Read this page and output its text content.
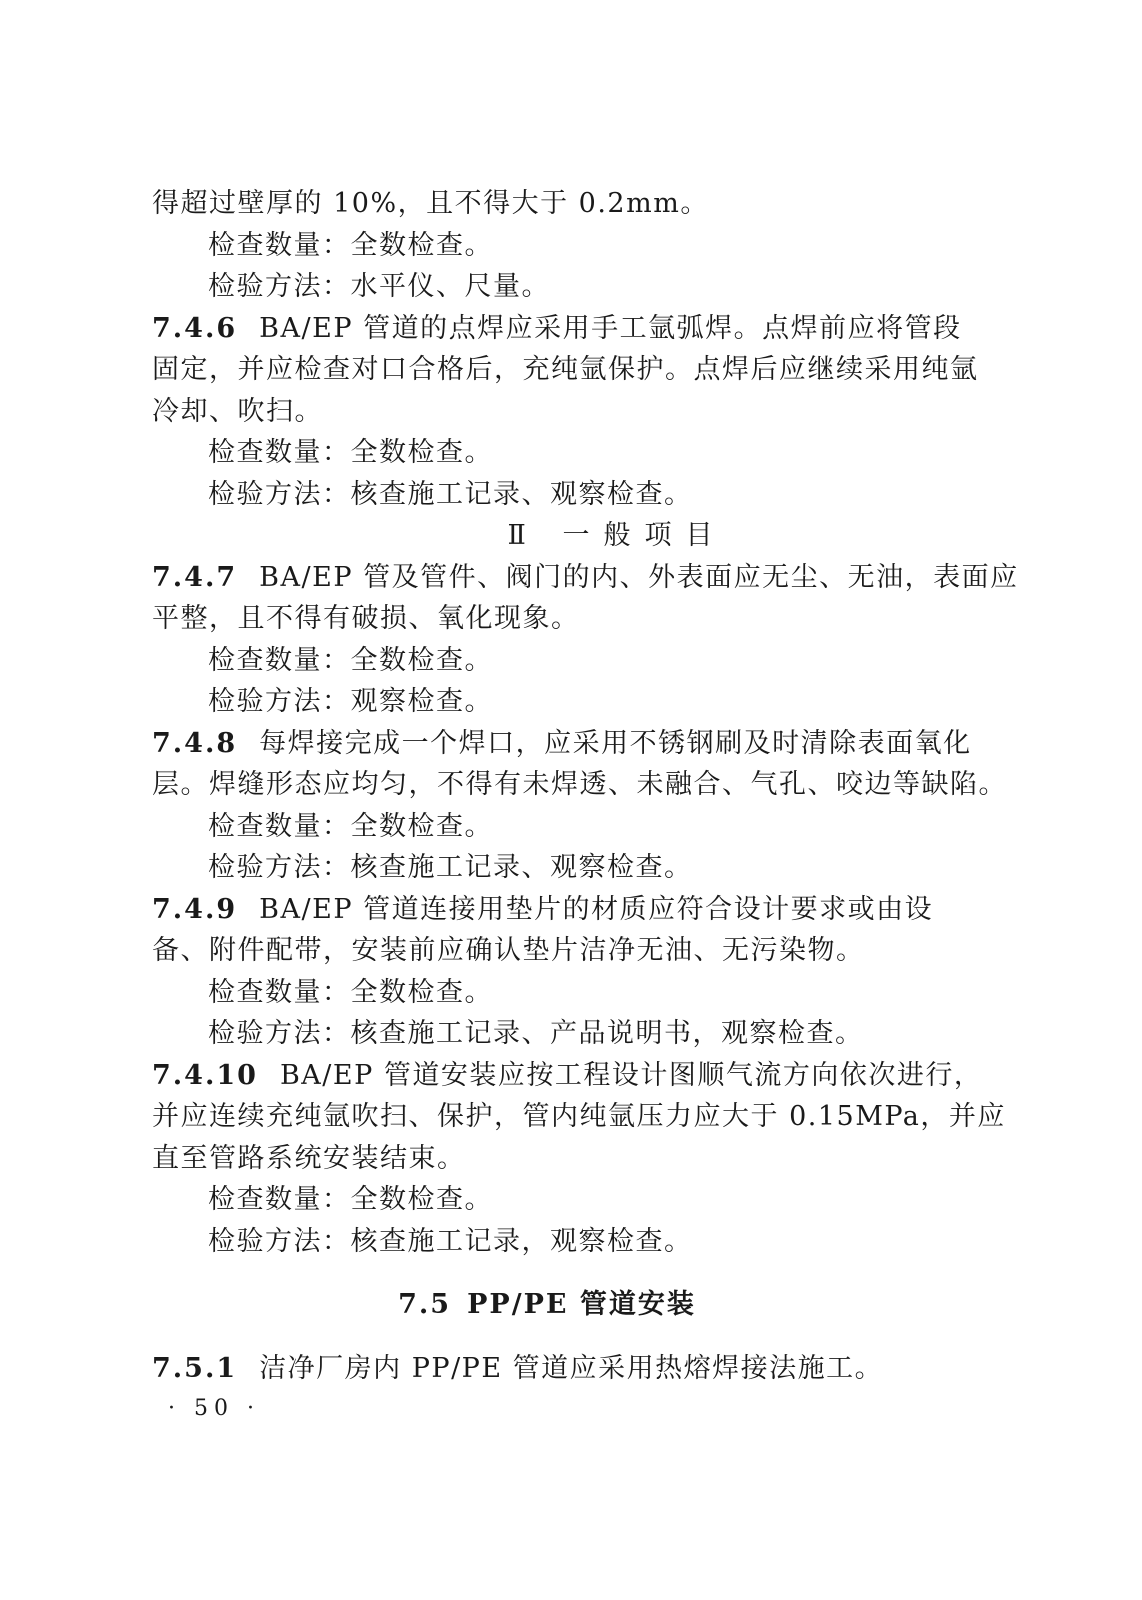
得超过壁厚的 10%，且不得大于 0.2mm。
检查数量：全数检查。
检验方法：水平仪、尺量。
7.4.6 BA/EP 管道的点焊应采用手工氩弧焊。点焊前应将管段
固定，并应检查对口合格后，充纯氩保护。点焊后应继续采用纯氩
冷却、吹扫。
检查数量：全数检查。
检验方法：核查施工记录、观察检查。
Ⅱ 一般项目
7.4.7 BA/EP 管及管件、阀门的内、外表面应无尘、无油，表面应
平整，且不得有破损、氧化现象。
检查数量：全数检查。
检验方法：观察检查。
7.4.8 每焊接完成一个焊口，应采用不锈钢刷及时清除表面氧化
层。焊缝形态应均匀，不得有未焊透、未融合、气孔、咬边等缺陷。
检查数量：全数检查。
检验方法：核查施工记录、观察检查。
7.4.9 BA/EP 管道连接用垫片的材质应符合设计要求或由设
备、附件配带，安装前应确认垫片洁净无油、无污染物。
检查数量：全数检查。
检验方法：核查施工记录、产品说明书，观察检查。
7.4.10 BA/EP 管道安装应按工程设计图顺气流方向依次进行，
并应连续充纯氩吹扫、保护，管内纯氩压力应大于 0.15MPa，并应
直至管路系统安装结束。
检查数量：全数检查。
检验方法：核查施工记录，观察检查。
7.5 PP/PE 管道安装
7.5.1 洁净厂房内 PP/PE 管道应采用热熔焊接法施工。
· 50 ·
